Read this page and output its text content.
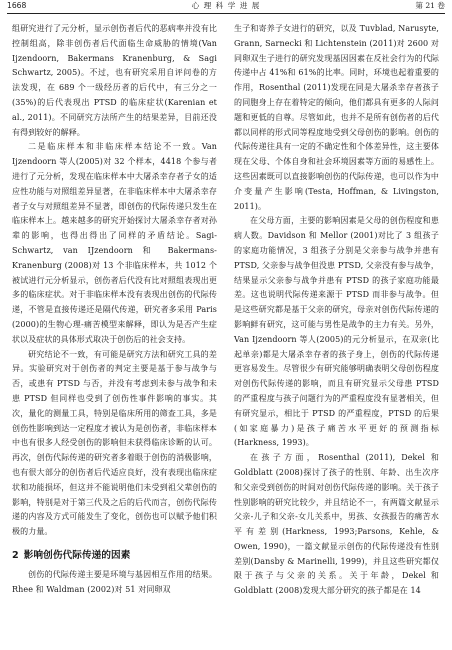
1668	心 理 科 学 进 展	第 21 卷

组研究进行了元分析，显示创伤者后代的恶病率并没有比控制组高，除非创伤者后代面临生命威胁的情境(Van Ijzendoorn, Bakermans Kranenburg, & Sagi Schwartz, 2005)。不过，也有研究采用自评问卷的方法发现，在 689 个一级经历者的后代中，有三分之一(35%)的后代表现出 PTSD 的临床症状(Karenian et al., 2011)。不同研究方法所产生的结果差异，目前还没有得到较好的解释。

二是临床样本和非临床样本结论不一致。Van Ijzendoorn 等人(2005)对 32 个样本，4418 个参与者进行了元分析，发现在临床样本中大屠杀幸存者子女的适应性功能与对照组差异显著，在非临床样本中大屠杀幸存者子女与对照组差异不显著，即创伤的代际传递只发生在临床样本上。越来越多的研究开始探讨大屠杀幸存者对孙辈的影响，也得出得出了同样的矛盾结论。Sagi-Schwartz, van IJzendoorn 和 Bakermans-Kranenburg (2008)对 13 个非临床样本，共 1012 个被试进行元分析显示，创伤者后代没有比对照组表现出更多的临床症状。对于非临床样本没有表现出创伤的代际传递，不管是直接传递还是隔代传递，研究者多采用 Paris (2000)的生物心理-痛苦模型来解释，即认为是否产生症状以及症状的具体形式取决于创伤后的社会支持。

研究结论不一致，有可能是研究方法和研究工具的差异。实验研究对于创伤者的判定主要是基于参与战争与否，或患有 PTSD 与否，并没有考虑到未参与战争和未患 PTSD 但同样也受到了创伤性事件影响的事实。其次，量化的测量工具，特别是临床所用的筛查工具，多是创伤性影响到达一定程度才被认为是创伤者，非临床样本中也有很多人经受创伤的影响但未获得临床诊断的认可。再次，创伤代际传递的研究者多着眼于创伤的消极影响，也有很大部分的创伤者后代适应良好，没有表现出临床症状和功能损坏，但这并不能说明他们未受到祖父辈创伤的影响，特别是对于第三代及之后的后代而言，创伤代际传递的内容及方式可能发生了变化，创伤也可以赋予他们积极的力量。

2 影响创伤代际传递的因素

创伤的代际传递主要是环境与基因相互作用的结果。Rhee 和 Waldman (2002)对 51 对同卵双

生子和寄养子女进行的研究，以及 Tuvblad, Narusyte, Grann, Sarnecki 和 Lichtenstein (2011)对 2600 对同卵双生子进行的研究发现基因因素在反社会行为的代际传递中占 41%和 61%的比率。同时，环境也起着重要的作用，Rosenthal (2011)发现在同是大屠杀幸存者孩子的同胞身上存在着特定的倾向，他们都具有更多的人际问题和更低的自尊。尽管如此，也并不是所有创伤者的后代都以同样的形式同等程度地受到父母创伤的影响。创伤的代际传递往具有一定的不确定性和个体差异性，这主要体现在父母、个体自身和社会环境因素等方面的易感性上。这些因素既可以直接影响创伤的代际传递，也可以作为中介变量产生影响(Testa, Hoffman, & Livingston, 2011)。

在父母方面，主要的影响因素是父母的创伤程度和患病人数。Davidson 和 Mellor (2001)对比了 3 组孩子的家庭功能情况，3 组孩子分别是父亲参与战争并患有 PTSD, 父亲参与战争但没患 PTSD, 父亲没有参与战争，结果显示父亲参与战争并患有 PTSD 的孩子家庭功能最差。这也说明代际传递来源于 PTSD 而非参与战争。但是这些研究都是基于父亲的研究，母亲对创伤代际传递的影响鲜有研究，这可能与男性是战争的主力有关。另外，Van Ijzendoorn 等人(2005)的元分析显示，在双亲(比起单亲)都是大屠杀幸存者的孩子身上，创伤的代际传递更容易发生。尽管很少有研究能够明确表明父母创伤程度对创伤代际传递的影响，而且有研究显示父母患 PTSD 的严重程度与孩子问题行为的严重程度没有显著相关，但有研究显示，相比于 PTSD 的严重程度，PTSD 的后果(如家庭暴力)是孩子痛苦水平更好的预测指标(Harkness, 1993)。

在孩子方面，Rosenthal (2011), Dekel 和 Goldblatt (2008)探讨了孩子的性别、年龄、出生次序和父亲受到创伤的时间对创伤代际传递的影响。关于孩子性别影响的研究比较少，并且结论不一，有两篇文献显示父亲-儿子和父亲-女儿关系中，男孩、女孩报告的痛苦水平有差别(Harkness, 1993;Parsons, Kehle, & Owen, 1990)，一篇文献显示创伤的代际传递没有性别差别(Dansby & Marinelli, 1999)，并且这些研究都仅限于孩子与父亲的关系。关于年龄，Dekel 和 Goldblatt (2008)发现大部分研究的孩子都是在 14
